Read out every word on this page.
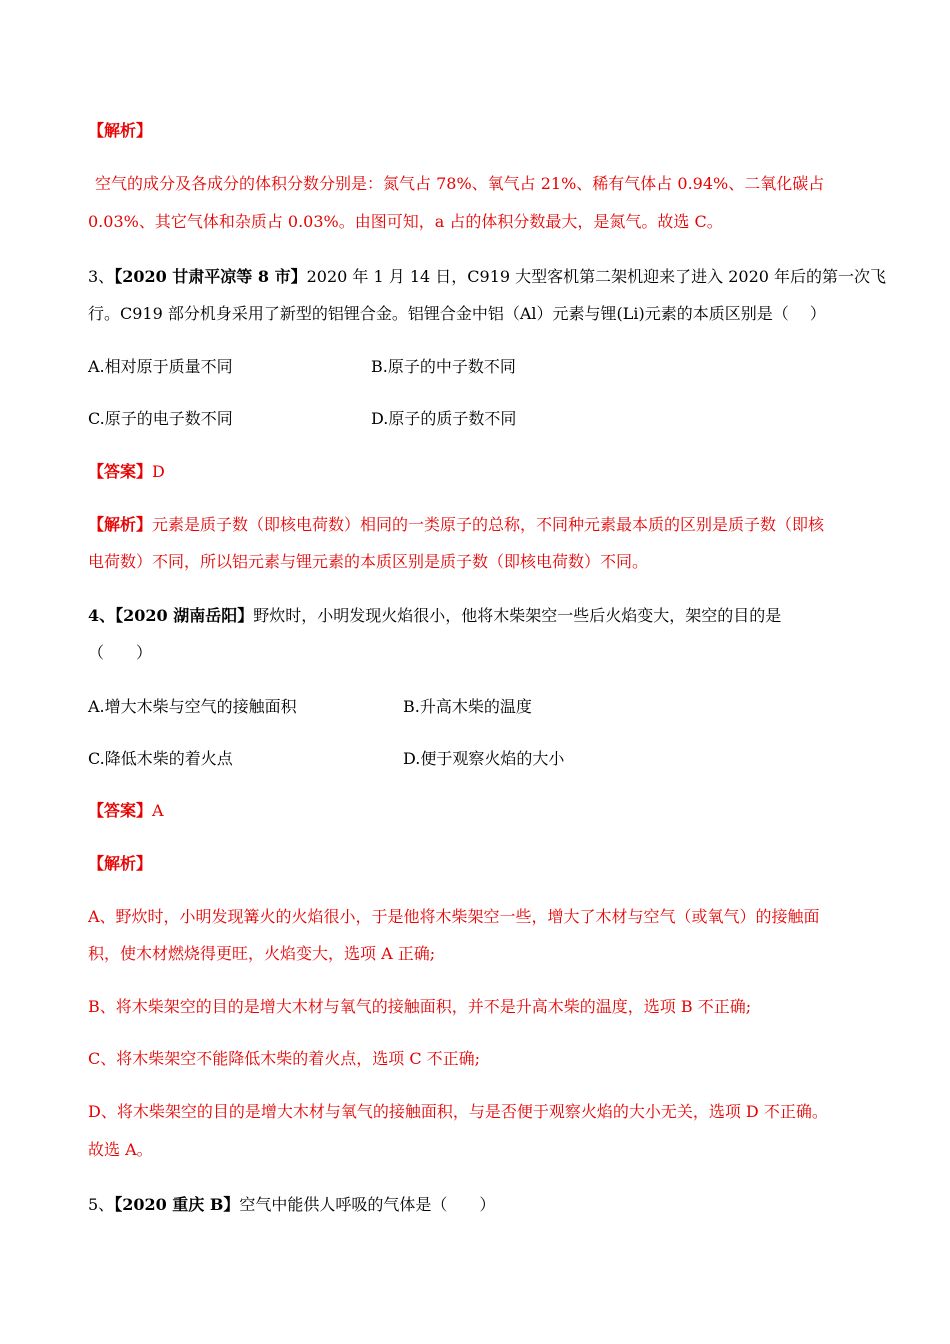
【解析】
空气的成分及各成分的体积分数分别是：氮气占 78%、氧气占 21%、稀有气体占 0.94%、二氧化碳占
0.03%、其它气体和杂质占 0.03%。由图可知，a 占的体积分数最大，是氮气。故选 C。
3、【2020 甘肃平凉等 8 市】2020 年 1 月 14 日，C919 大型客机第二架机迎来了进入 2020 年后的第一次飞
行。C919 部分机身采用了新型的铝锂合金。铝锂合金中铝（Al）元素与锂(Li)元素的本质区别是（　 ）
A.相对原于质量不同	B.原子的中子数不同
C.原子的电子数不同	D.原子的质子数不同
【答案】D
【解析】元素是质子数（即核电荷数）相同的一类原子的总称，不同种元素最本质的区别是质子数（即核
电荷数）不同，所以铝元素与锂元素的本质区别是质子数（即核电荷数）不同。
4、【2020 湖南岳阳】野炊时，小明发现火焰很小，他将木柴架空一些后火焰变大，架空的目的是
（　　）
A.增大木柴与空气的接触面积	B.升高木柴的温度
C.降低木柴的着火点	D.便于观察火焰的大小
【答案】A
【解析】
A、野炊时，小明发现篝火的火焰很小，于是他将木柴架空一些，增大了木材与空气（或氧气）的接触面
积，使木材燃烧得更旺，火焰变大，选项 A 正确;
B、将木柴架空的目的是增大木材与氧气的接触面积，并不是升高木柴的温度，选项 B 不正确;
C、将木柴架空不能降低木柴的着火点，选项 C 不正确;
D、将木柴架空的目的是增大木材与氧气的接触面积，与是否便于观察火焰的大小无关，选项 D 不正确。
故选 A。
5、【2020 重庆 B】空气中能供人呼吸的气体是（　　）
